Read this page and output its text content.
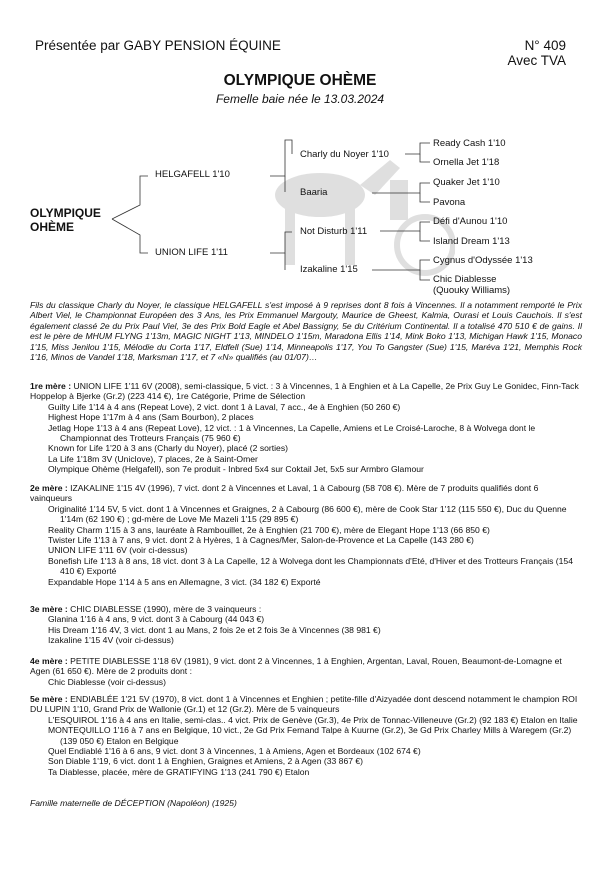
Présentée par GABY PENSION ÉQUINE	N° 409
Avec TVA
OLYMPIQUE OHÈME
Femelle baie née le 13.03.2024
OLYMPIQUE
OHÈME
HELGAFELL 1'10
UNION LIFE 1'11
Charly du Noyer 1'10
Baaria
Not Disturb 1'11
Izakaline 1'15
Ready Cash 1'10
Ornella Jet 1'18
Quaker Jet 1'10
Pavona
Défi d'Aunou 1'10
Island Dream 1'13
Cygnus d'Odyssée 1'13
Chic Diablesse
(Quouky Williams)
Fils du classique Charly du Noyer, le classique HELGAFELL s'est imposé à 9 reprises dont 8 fois à Vincennes. Il a notamment remporté le Prix Albert Viel, le Championnat Européen des 3 Ans, les Prix Emmanuel Margouty, Maurice de Gheest, Kalmia, Ourasi et Louis Cauchois. Il s'est également classé 2e du Prix Paul Viel, 3e des Prix Bold Eagle et Abel Bassigny, 5e du Critérium Continental. Il a totalisé 470 510 € de gains. Il est le père de MHUM FLYNG 1'13m, MAGIC NIGHT 1'13, MINDELO 1'15m, Maradona Ellis 1'14, Mink Boko 1'13, Michigan Hawk 1'15, Monaco 1'15, Miss Jenilou 1'15, Mélodie du Corta 1'17, Eldfell (Sue) 1'14, Minneapolis 1'17, You To Gangster (Sue) 1'15, Maréva 1'21, Memphis Rock 1'16, Minos de Vandel 1'18, Marksman 1'17, et 7 «N» qualifiés (au 01/07)…
1re mère : UNION LIFE 1'11 6V (2008), semi-classique, 5 vict. : 3 à Vincennes, 1 à Enghien et à La Capelle, 2e Prix Guy Le Gonidec, Finn-Tack Hoppelop à Bjerke (Gr.2) (223 414 €), 1re Catégorie, Prime de Sélection
Guilty Life 1'14 à 4 ans (Repeat Love), 2 vict. dont 1 à Laval, 7 acc., 4e à Enghien (50 260 €)
Highest Hope 1'17m à 4 ans (Sam Bourbon), 2 places
Jetlag Hope 1'13 à 4 ans (Repeat Love), 12 vict. : 1 à Vincennes, La Capelle, Amiens et Le Croisé-Laroche, 8 à Wolvega dont le Championnat des Trotteurs Français (75 960 €)
Known for Life 1'20 à 3 ans (Charly du Noyer), placé (2 sorties)
La Life 1'18m 3V (Uniclove), 7 places, 2e à Saint-Omer
Olympique Ohème (Helgafell), son 7e produit - Inbred 5x4 sur Coktail Jet, 5x5 sur Armbro Glamour
2e mère : IZAKALINE 1'15 4V (1996), 7 vict. dont 2 à Vincennes et Laval, 1 à Cabourg (58 708 €). Mère de 7 produits qualifiés dont 6 vainqueurs
Originalité 1'14 5V, 5 vict. dont 1 à Vincennes et Graignes, 2 à Cabourg (86 600 €), mère de Cook Star 1'12 (115 550 €), Duc du Quenne 1'14m (62 190 €) ; gd-mère de Love Me Mazeli 1'15 (29 895 €)
Reality Charm 1'15 à 3 ans, lauréate à Rambouillet, 2e à Enghien (21 700 €), mère de Elegant Hope 1'13 (66 850 €)
Twister Life 1'13 à 7 ans, 9 vict. dont 2 à Hyères, 1 à Cagnes/Mer, Salon-de-Provence et La Capelle (143 280 €)
UNION LIFE 1'11 6V (voir ci-dessus)
Bonefish Life 1'13 à 8 ans, 18 vict. dont 3 à La Capelle, 12 à Wolvega dont les Championnats d'Eté, d'Hiver et des Trotteurs Français (154 410 €) Exporté
Expandable Hope 1'14 à 5 ans en Allemagne, 3 vict. (34 182 €) Exporté
3e mère : CHIC DIABLESSE (1990), mère de 3 vainqueurs :
Glanina 1'16 à 4 ans, 9 vict. dont 3 à Cabourg (44 043 €)
His Dream 1'16 4V, 3 vict. dont 1 au Mans, 2 fois 2e et 2 fois 3e à Vincennes (38 981 €)
Izakaline 1'15 4V (voir ci-dessus)
4e mère : PETITE DIABLESSE 1'18 6V (1981), 9 vict. dont 2 à Vincennes, 1 à Enghien, Argentan, Laval, Rouen, Beaumont-de-Lomagne et Agen (61 650 €). Mère de 2 produits dont :
Chic Diablesse (voir ci-dessus)
5e mère : ENDIABLÉE 1'21 5V (1970), 8 vict. dont 1 à Vincennes et Enghien ; petite-fille d'Aizyadée dont descend notamment le champion ROI DU LUPIN 1'10, Grand Prix de Wallonie (Gr.1) et 12 (Gr.2). Mère de 5 vainqueurs
L'ESQUIROL 1'16 à 4 ans en Italie, semi-clas.. 4 vict. Prix de Genève (Gr.3), 4e Prix de Tonnac-Villeneuve (Gr.2) (92 183 €) Etalon en Italie
MONTEQUILLO 1'16 à 7 ans en Belgique, 10 vict., 2e Gd Prix Fernand Talpe à Kuurne (Gr.2), 3e Gd Prix Charley Mills à Waregem (Gr.2) (139 050 €) Etalon en Belgique
Quel Endiablé 1'16 à 6 ans, 9 vict. dont 3 à Vincennes, 1 à Amiens, Agen et Bordeaux (102 674 €)
Son Diable 1'19, 6 vict. dont 1 à Enghien, Graignes et Amiens, 2 à Agen (33 867 €)
Ta Diablesse, placée, mère de GRATIFYING 1'13 (241 790 €) Etalon
Famille maternelle de DÉCEPTION (Napoléon) (1925)
